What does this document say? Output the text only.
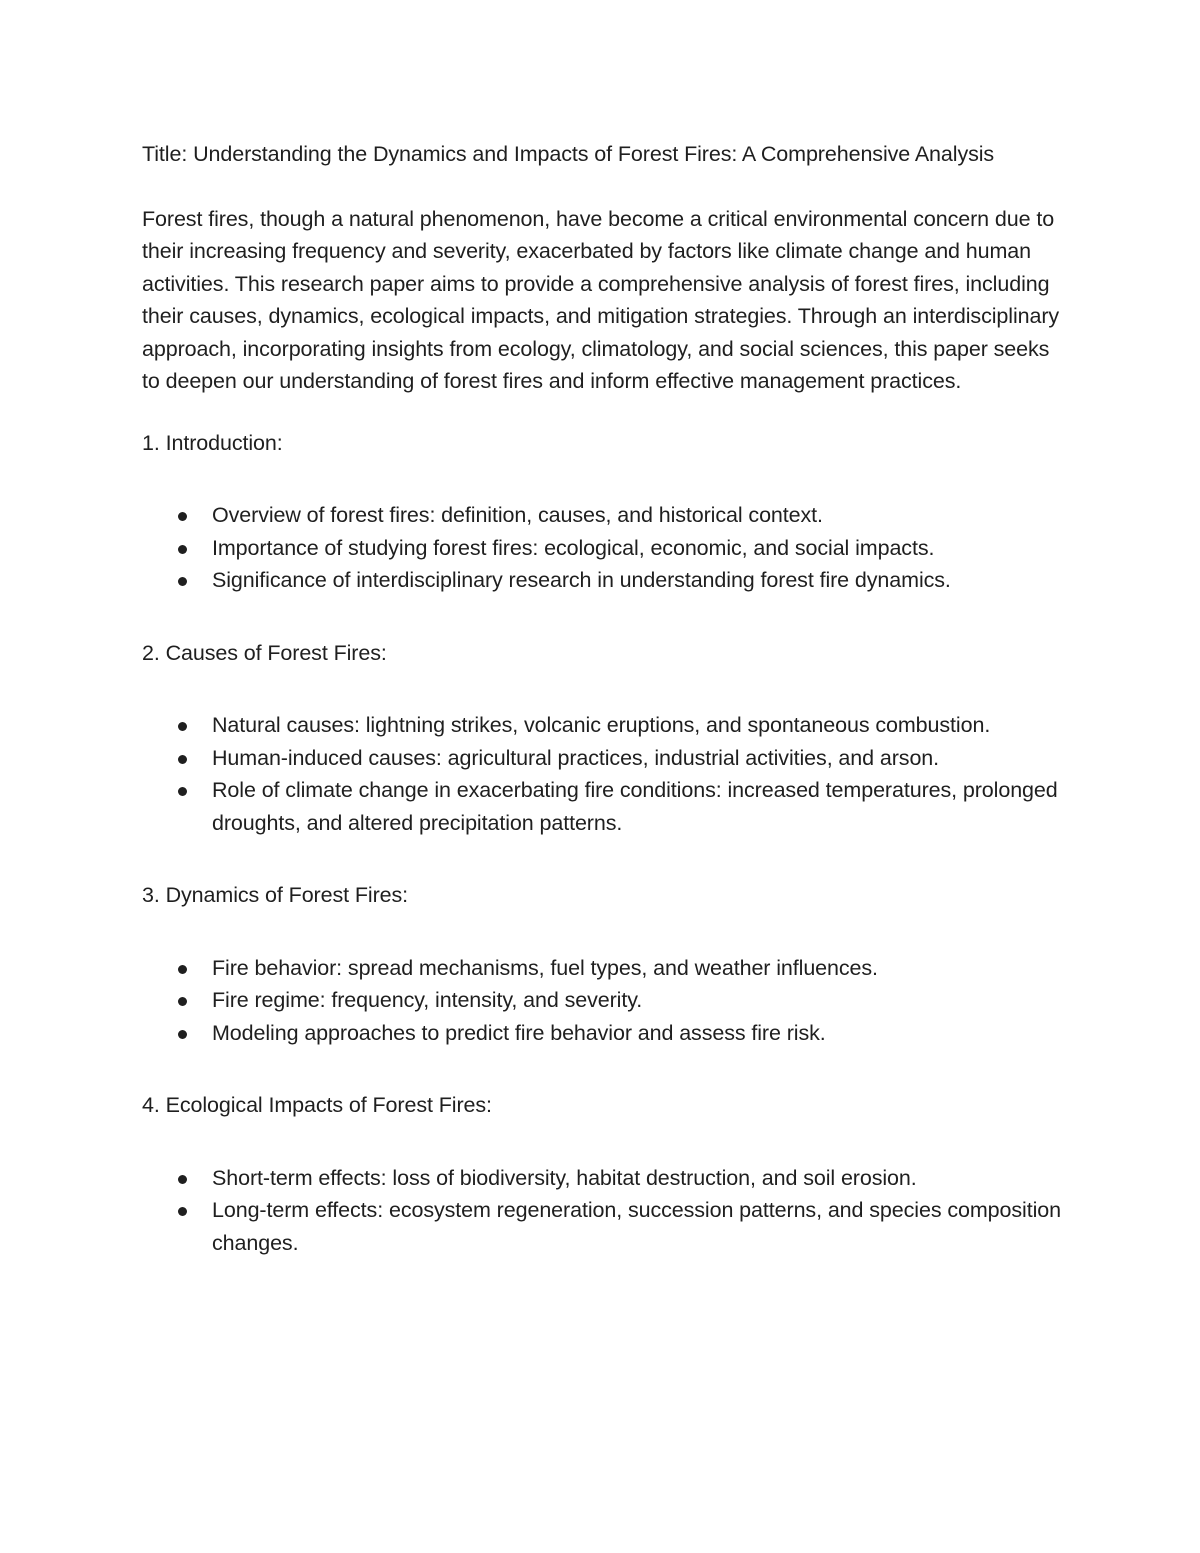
Title: Understanding the Dynamics and Impacts of Forest Fires: A Comprehensive Analysis

Forest fires, though a natural phenomenon, have become a critical environmental concern due to their increasing frequency and severity, exacerbated by factors like climate change and human activities. This research paper aims to provide a comprehensive analysis of forest fires, including their causes, dynamics, ecological impacts, and mitigation strategies. Through an interdisciplinary approach, incorporating insights from ecology, climatology, and social sciences, this paper seeks to deepen our understanding of forest fires and inform effective management practices.

1. Introduction:

Overview of forest fires: definition, causes, and historical context.
Importance of studying forest fires: ecological, economic, and social impacts.
Significance of interdisciplinary research in understanding forest fire dynamics.

2. Causes of Forest Fires:

Natural causes: lightning strikes, volcanic eruptions, and spontaneous combustion.
Human-induced causes: agricultural practices, industrial activities, and arson.
Role of climate change in exacerbating fire conditions: increased temperatures, prolonged droughts, and altered precipitation patterns.

3. Dynamics of Forest Fires:

Fire behavior: spread mechanisms, fuel types, and weather influences.
Fire regime: frequency, intensity, and severity.
Modeling approaches to predict fire behavior and assess fire risk.

4. Ecological Impacts of Forest Fires:

Short-term effects: loss of biodiversity, habitat destruction, and soil erosion.
Long-term effects: ecosystem regeneration, succession patterns, and species composition changes.
